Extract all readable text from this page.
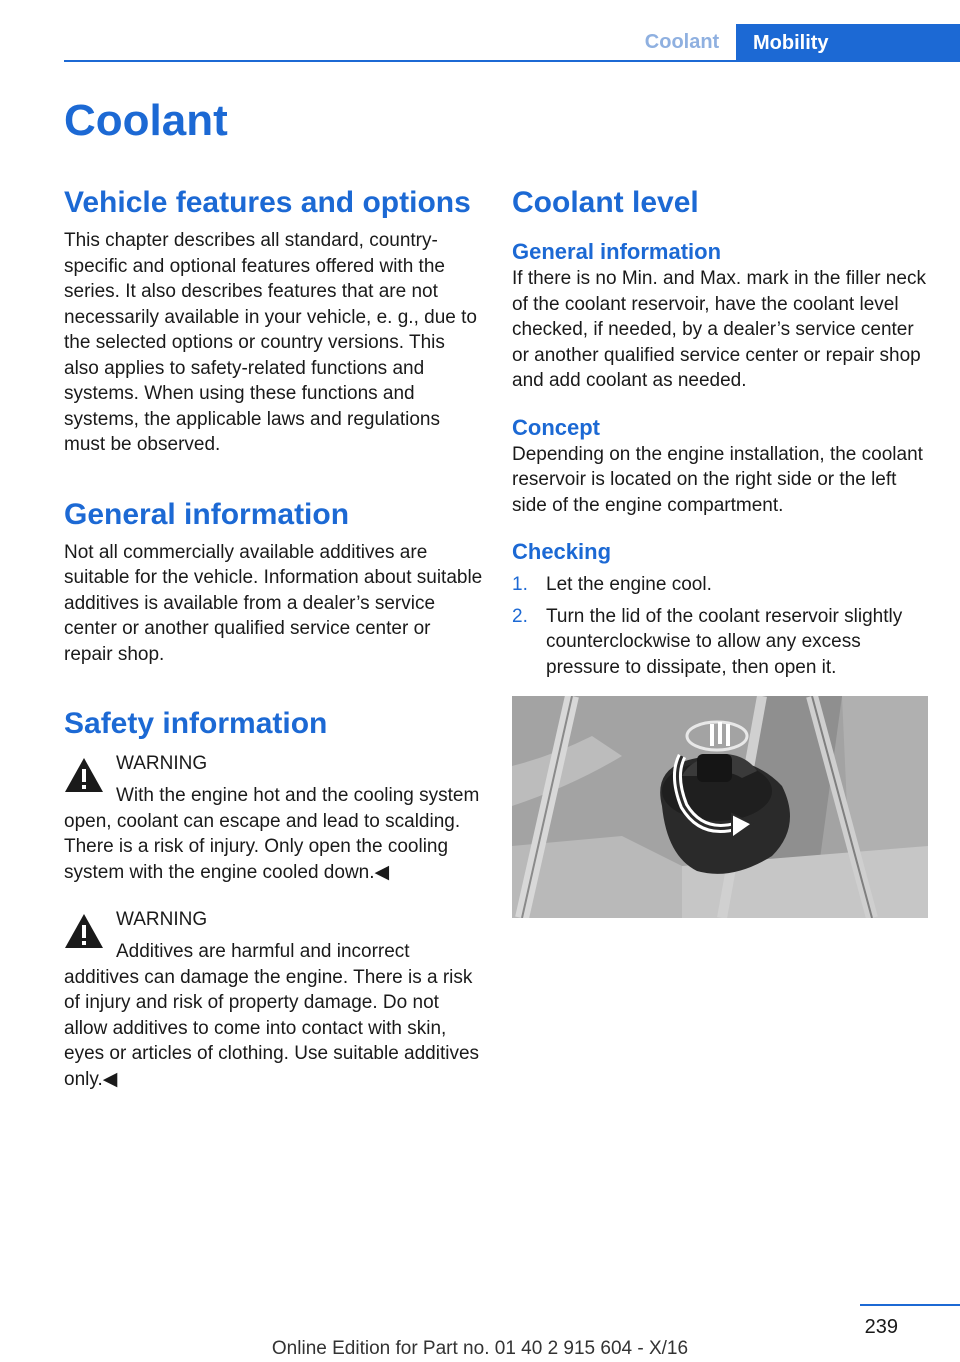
Coolant	Mobility
Coolant
Vehicle features and options

This chapter describes all standard, country-specific and optional features offered with the series. It also describes features that are not necessarily available in your vehicle, e. g., due to the selected options or country versions. This also applies to safety-related functions and systems. When using these functions and systems, the applicable laws and regulations must be observed.

General information

Not all commercially available additives are suitable for the vehicle. Information about suitable additives is available from a dealer’s service center or another qualified service center or repair shop.

Safety information
WARNING

With the engine hot and the cooling system open, coolant can escape and lead to scalding. There is a risk of injury. Only open the cooling system with the engine cooled down.◀

WARNING

Additives are harmful and incorrect additives can damage the engine. There is a risk of injury and risk of property damage. Do not allow additives to come into contact with skin, eyes or articles of clothing. Use suitable additives only.◀

Coolant level
General information

If there is no Min. and Max. mark in the filler neck of the coolant reservoir, have the coolant level checked, if needed, by a dealer’s service center or another qualified service center or repair shop and add coolant as needed.

Concept

Depending on the engine installation, the coolant reservoir is located on the right side or the left side of the engine compartment.

Checking
1. Let the engine cool.
2. Turn the lid of the coolant reservoir slightly counterclockwise to allow any excess pressure to dissipate, then open it.
239
Online Edition for Part no. 01 40 2 915 604 - X/16
